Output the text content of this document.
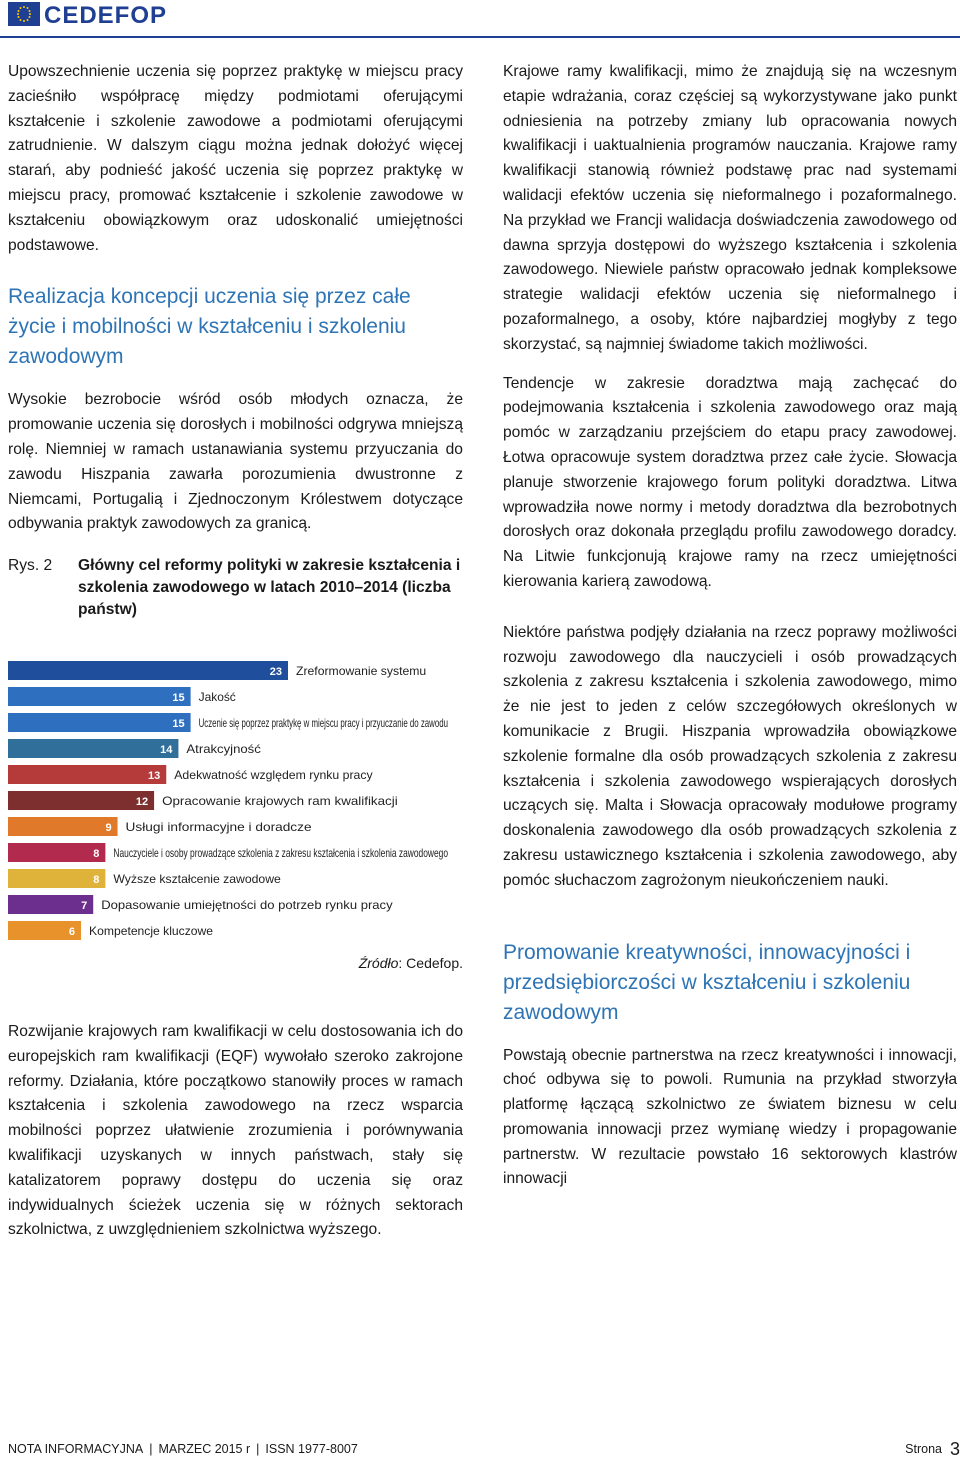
CEDEFOP

Upowszechnienie uczenia się poprzez praktykę w miejscu pracy zacieśniło współpracę między podmiotami oferującymi kształcenie i szkolenie zawodowe a podmiotami oferującymi zatrudnienie. W dalszym ciągu można jednak dołożyć więcej starań, aby podnieść jakość uczenia się poprzez praktykę w miejscu pracy, promować kształcenie i szkolenie zawodowe w kształceniu obowiązkowym oraz udoskonalić umiejętności podstawowe.

Realizacja koncepcji uczenia się przez całe życie i mobilności w kształceniu i szkoleniu zawodowym

Wysokie bezrobocie wśród osób młodych oznacza, że promowanie uczenia się dorosłych i mobilności odgrywa mniejszą rolę. Niemniej w ramach ustanawiania systemu przyuczania do zawodu Hiszpania zawarła porozumienia dwustronne z Niemcami, Portugalią i Zjednoczonym Królestwem dotyczące odbywania praktyk zawodowych za granicą.

Rys. 2	Główny cel reformy polityki w zakresie kształcenia i szkolenia zawodowego w latach 2010–2014 (liczba państw)
23 Zreformowanie systemu
15 Jakość
15 Uczenie się poprzez praktykę w miejscu pracy i przyuczanie do zawodu
14 Atrakcyjność
13 Adekwatność względem rynku pracy
12 Opracowanie krajowych ram kwalifikacji
9 Usługi informacyjne i doradcze
8 Nauczyciele i osoby prowadzące szkolenia z zakresu kształcenia i szkolenia zawodowego
8 Wyższe kształcenie zawodowe
7 Dopasowanie umiejętności do potrzeb rynku pracy
6 Kompetencje kluczowe

Źródło: Cedefop.

Rozwijanie krajowych ram kwalifikacji w celu dostosowania ich do europejskich ram kwalifikacji (EQF) wywołało szeroko zakrojone reformy. Działania, które początkowo stanowiły proces w ramach kształcenia i szkolenia zawodowego na rzecz wsparcia mobilności poprzez ułatwienie zrozumienia i porównywania kwalifikacji uzyskanych w innych państwach, stały się katalizatorem poprawy dostępu do uczenia się oraz indywidualnych ścieżek uczenia się w różnych sektorach szkolnictwa, z uwzględnieniem szkolnictwa wyższego.

Krajowe ramy kwalifikacji, mimo że znajdują się na wczesnym etapie wdrażania, coraz częściej są wykorzystywane jako punkt odniesienia na potrzeby zmiany lub opracowania nowych kwalifikacji i uaktualnienia programów nauczania. Krajowe ramy kwalifikacji stanowią również podstawę prac nad systemami walidacji efektów uczenia się nieformalnego i pozaformalnego. Na przykład we Francji walidacja doświadczenia zawodowego od dawna sprzyja dostępowi do wyższego kształcenia i szkolenia zawodowego. Niewiele państw opracowało jednak kompleksowe strategie walidacji efektów uczenia się nieformalnego i pozaformalnego, a osoby, które najbardziej mogłyby z tego skorzystać, są najmniej świadome takich możliwości.

Tendencje w zakresie doradztwa mają zachęcać do podejmowania kształcenia i szkolenia zawodowego oraz mają pomóc w zarządzaniu przejściem do etapu pracy zawodowej. Łotwa opracowuje system doradztwa przez całe życie. Słowacja planuje stworzenie krajowego forum polityki doradztwa. Litwa wprowadziła nowe normy i metody doradztwa dla bezrobotnych dorosłych oraz dokonała przeglądu profilu zawodowego doradcy. Na Litwie funkcjonują krajowe ramy na rzecz umiejętności kierowania karierą zawodową.

Niektóre państwa podjęły działania na rzecz poprawy możliwości rozwoju zawodowego dla nauczycieli i osób prowadzących szkolenia z zakresu kształcenia i szkolenia zawodowego, mimo że nie jest to jeden z celów szczegółowych określonych w komunikacie z Brugii. Hiszpania wprowadziła obowiązkowe szkolenie formalne dla osób prowadzących szkolenia z zakresu kształcenia i szkolenia zawodowego wspierających dorosłych uczących się. Malta i Słowacja opracowały modułowe programy doskonalenia zawodowego dla osób prowadzących szkolenia z zakresu ustawicznego kształcenia i szkolenia zawodowego, aby pomóc słuchaczom zagrożonym nieukończeniem nauki.

Promowanie kreatywności, innowacyjności i przedsiębiorczości w kształceniu i szkoleniu zawodowym

Powstają obecnie partnerstwa na rzecz kreatywności i innowacji, choć odbywa się to powoli. Rumunia na przykład stworzyła platformę łączącą szkolnictwo ze światem biznesu w celu promowania innowacji przez wymianę wiedzy i propagowanie partnerstw. W rezultacie powstało 16 sektorowych klastrów innowacji

NOTA INFORMACYJNA | MARZEC 2015 r | ISSN 1977-8007	Strona 3
